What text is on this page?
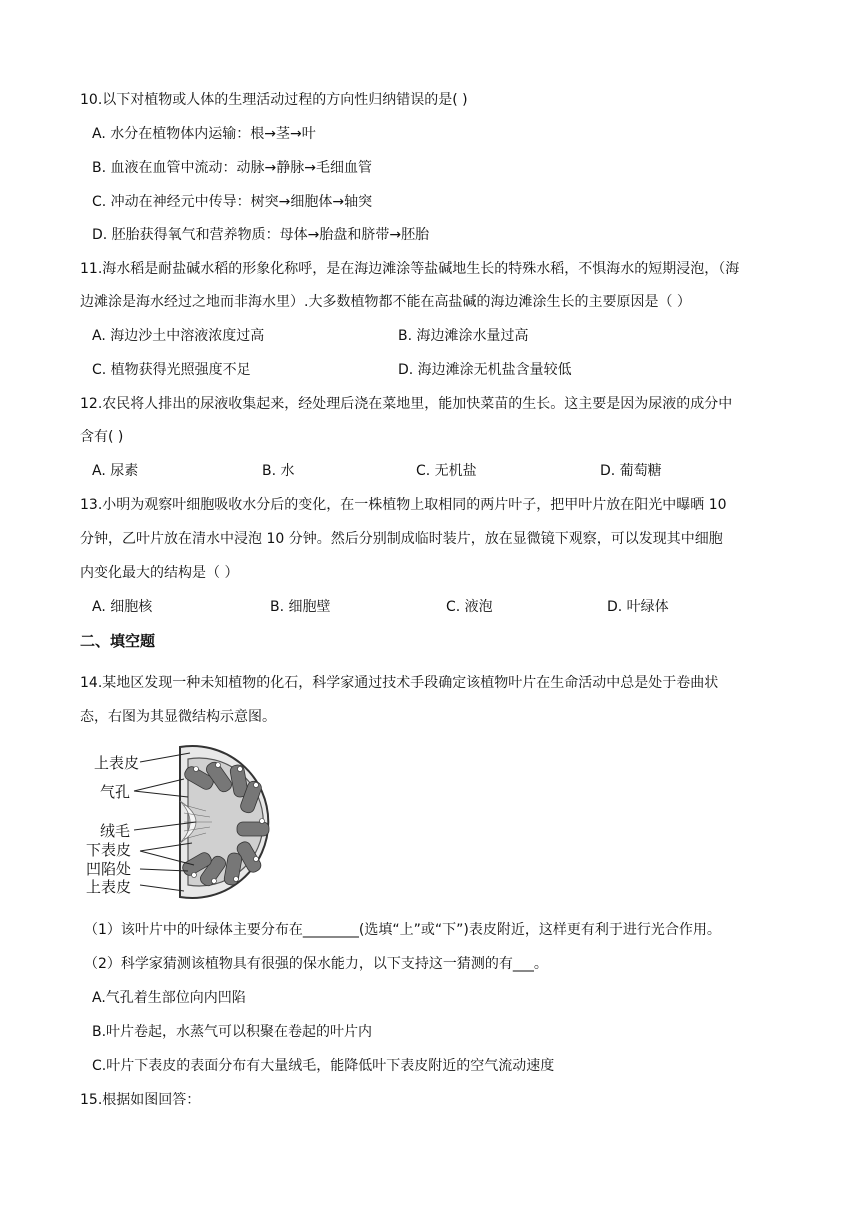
10.以下对植物或人体的生理活动过程的方向性归纳错误的是( )
A. 水分在植物体内运输：根→茎→叶
B. 血液在血管中流动：动脉→静脉→毛细血管
C. 冲动在神经元中传导：树突→细胞体→轴突
D. 胚胎获得氧气和营养物质：母体→胎盘和脐带→胚胎
11.海水稻是耐盐碱水稻的形象化称呼，是在海边滩涂等盐碱地生长的特殊水稻，不惧海水的短期浸泡，（海
边滩涂是海水经过之地而非海水里）.大多数植物都不能在高盐碱的海边滩涂生长的主要原因是（ ）
A. 海边沙土中溶液浓度过高	B. 海边滩涂水量过高
C. 植物获得光照强度不足	D. 海边滩涂无机盐含量较低
12.农民将人排出的尿液收集起来，经处理后浇在菜地里，能加快菜苗的生长。这主要是因为尿液的成分中
含有( )
A. 尿素	B. 水	C. 无机盐	D. 葡萄糖
13.小明为观察叶细胞吸收水分后的变化，在一株植物上取相同的两片叶子，把甲叶片放在阳光中曝晒 10
分钟，乙叶片放在清水中浸泡 10 分钟。然后分别制成临时装片，放在显微镜下观察，可以发现其中细胞
内变化最大的结构是（ ）
A. 细胞核	B. 细胞壁	C. 液泡	D. 叶绿体
二、填空题
14.某地区发现一种未知植物的化石，科学家通过技术手段确定该植物叶片在生命活动中总是处于卷曲状
态，右图为其显微结构示意图。
上表皮
气孔
绒毛
下表皮
凹陷处
上表皮
（1）该叶片中的叶绿体主要分布在________(选填“上”或“下”)表皮附近，这样更有利于进行光合作用。
（2）科学家猜测该植物具有很强的保水能力，以下支持这一猜测的有___。
A.气孔着生部位向内凹陷
B.叶片卷起，水蒸气可以积聚在卷起的叶片内
C.叶片下表皮的表面分布有大量绒毛，能降低叶下表皮附近的空气流动速度
15.根据如图回答：
